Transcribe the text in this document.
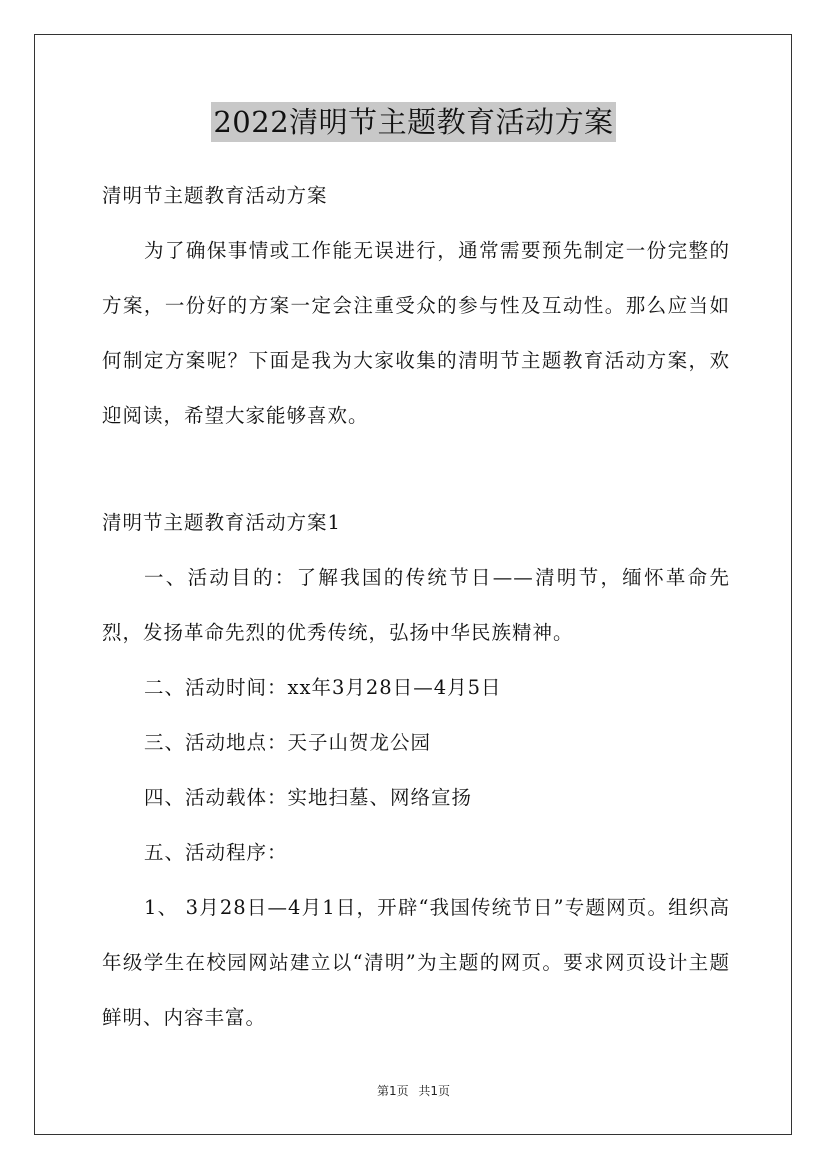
2022清明节主题教育活动方案

清明节主题教育活动方案

为了确保事情或工作能无误进行，通常需要预先制定一份完整的方案，一份好的方案一定会注重受众的参与性及互动性。那么应当如何制定方案呢？下面是我为大家收集的清明节主题教育活动方案，欢迎阅读，希望大家能够喜欢。

清明节主题教育活动方案1

一、活动目的：了解我国的传统节日——清明节，缅怀革命先烈，发扬革命先烈的优秀传统，弘扬中华民族精神。

二、活动时间：xx年3月28日—4月5日

三、活动地点：天子山贺龙公园

四、活动载体：实地扫墓、网络宣扬

五、活动程序：

1、 3月28日—4月1日，开辟“我国传统节日”专题网页。组织高年级学生在校园网站建立以“清明”为主题的网页。要求网页设计主题鲜明、内容丰富。

第1页 共1页
